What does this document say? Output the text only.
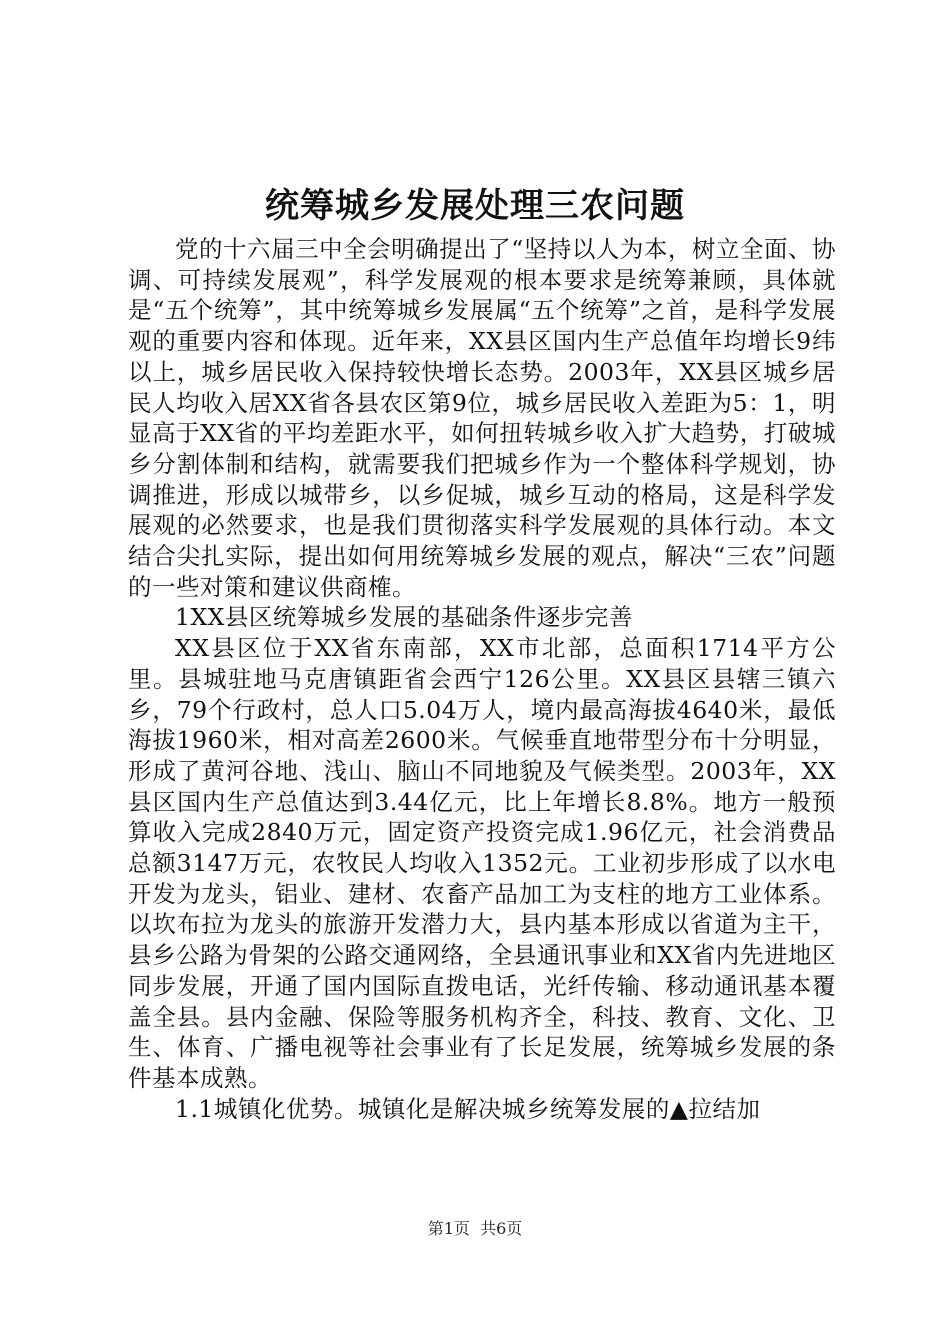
统筹城乡发展处理三农问题

党的十六届三中全会明确提出了“坚持以人为本，树立全面、协调、可持续发展观”，科学发展观的根本要求是统筹兼顾，具体就是“五个统筹”，其中统筹城乡发展属“五个统筹”之首，是科学发展观的重要内容和体现。近年来，XX县区国内生产总值年均增长9纬以上，城乡居民收入保持较快增长态势。2003年，XX县区城乡居民人均收入居XX省各县农区第9位，城乡居民收入差距为5：1，明显高于XX省的平均差距水平，如何扭转城乡收入扩大趋势，打破城乡分割体制和结构，就需要我们把城乡作为一个整体科学规划，协调推进，形成以城带乡，以乡促城，城乡互动的格局，这是科学发展观的必然要求，也是我们贯彻落实科学发展观的具体行动。本文结合尖扎实际，提出如何用统筹城乡发展的观点，解决“三农”问题的一些对策和建议供商榷。

1XX县区统筹城乡发展的基础条件逐步完善

XX县区位于XX省东南部，XX市北部，总面积1714平方公里。县城驻地马克唐镇距省会西宁126公里。XX县区县辖三镇六乡，79个行政村，总人口5.04万人，境内最高海拔4640米，最低海拔1960米，相对高差2600米。气候垂直地带型分布十分明显，形成了黄河谷地、浅山、脑山不同地貌及气候类型。2003年，XX县区国内生产总值达到3.44亿元，比上年增长8.8%。地方一般预算收入完成2840万元，固定资产投资完成1.96亿元，社会消费品总额3147万元，农牧民人均收入1352元。工业初步形成了以水电开发为龙头，铝业、建材、农畜产品加工为支柱的地方工业体系。以坎布拉为龙头的旅游开发潜力大，县内基本形成以省道为主干，县乡公路为骨架的公路交通网络，全县通讯事业和XX省内先进地区同步发展，开通了国内国际直拨电话，光纤传输、移动通讯基本覆盖全县。县内金融、保险等服务机构齐全，科技、教育、文化、卫生、体育、广播电视等社会事业有了长足发展，统筹城乡发展的条件基本成熟。

1.1城镇化优势。城镇化是解决城乡统筹发展的▲拉结加

第1页 共6页
